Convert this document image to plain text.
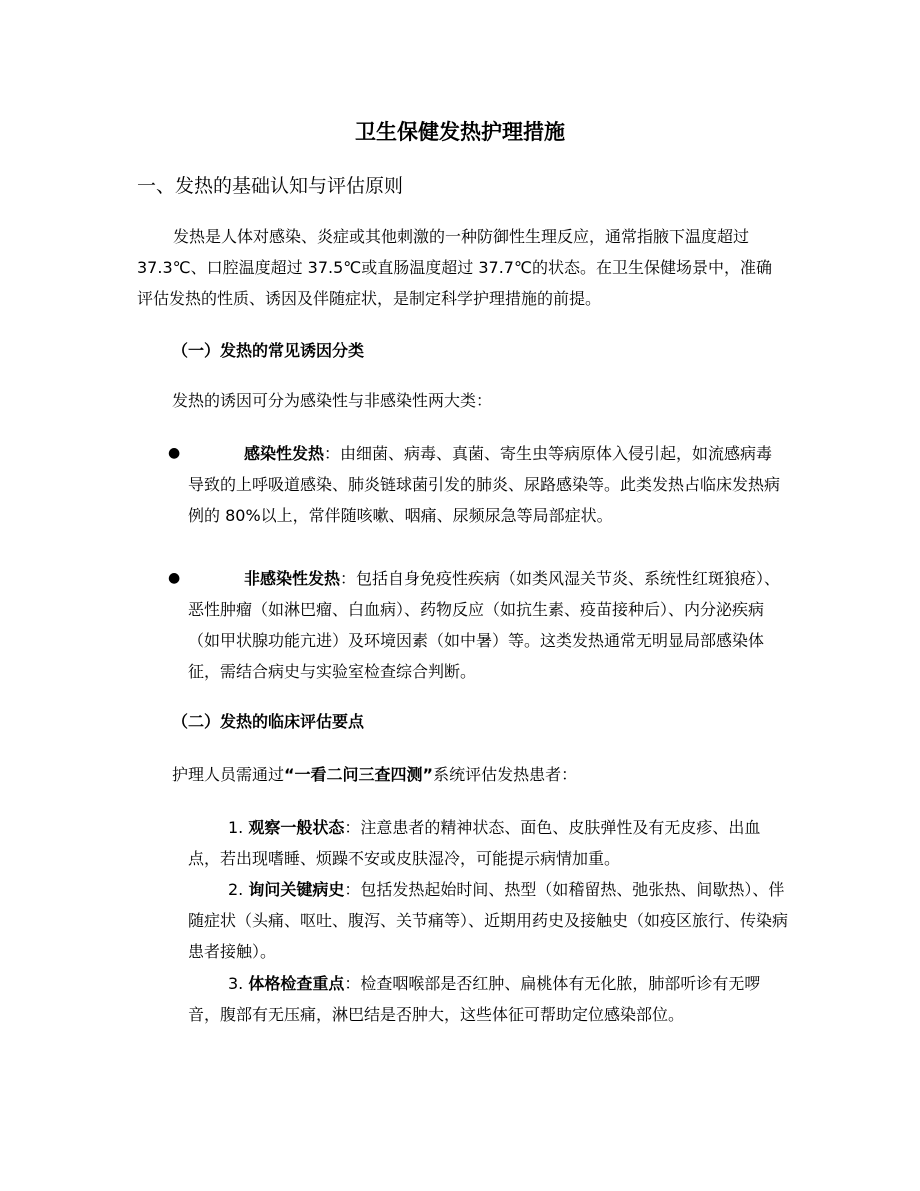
卫生保健发热护理措施
一、发热的基础认知与评估原则
发热是人体对感染、炎症或其他刺激的一种防御性生理反应，通常指腋下温度超过 37.3℃、口腔温度超过 37.5℃或直肠温度超过 37.7℃的状态。在卫生保健场景中，准确评估发热的性质、诱因及伴随症状，是制定科学护理措施的前提。
（一）发热的常见诱因分类
发热的诱因可分为感染性与非感染性两大类：
●	感染性发热：由细菌、病毒、真菌、寄生虫等病原体入侵引起，如流感病毒导致的上呼吸道感染、肺炎链球菌引发的肺炎、尿路感染等。此类发热占临床发热病例的 80%以上，常伴随咳嗽、咽痛、尿频尿急等局部症状。
●	非感染性发热：包括自身免疫性疾病（如类风湿关节炎、系统性红斑狼疮）、恶性肿瘤（如淋巴瘤、白血病）、药物反应（如抗生素、疫苗接种后）、内分泌疾病（如甲状腺功能亢进）及环境因素（如中暑）等。这类发热通常无明显局部感染体征，需结合病史与实验室检查综合判断。
（二）发热的临床评估要点
护理人员需通过“一看二问三查四测”系统评估发热患者：
1. 观察一般状态：注意患者的精神状态、面色、皮肤弹性及有无皮疹、出血点，若出现嗜睡、烦躁不安或皮肤湿冷，可能提示病情加重。
2. 询问关键病史：包括发热起始时间、热型（如稽留热、弛张热、间歇热）、伴随症状（头痛、呕吐、腹泻、关节痛等）、近期用药史及接触史（如疫区旅行、传染病患者接触）。
3. 体格检查重点：检查咽喉部是否红肿、扁桃体有无化脓，肺部听诊有无啰音，腹部有无压痛，淋巴结是否肿大，这些体征可帮助定位感染部位。
